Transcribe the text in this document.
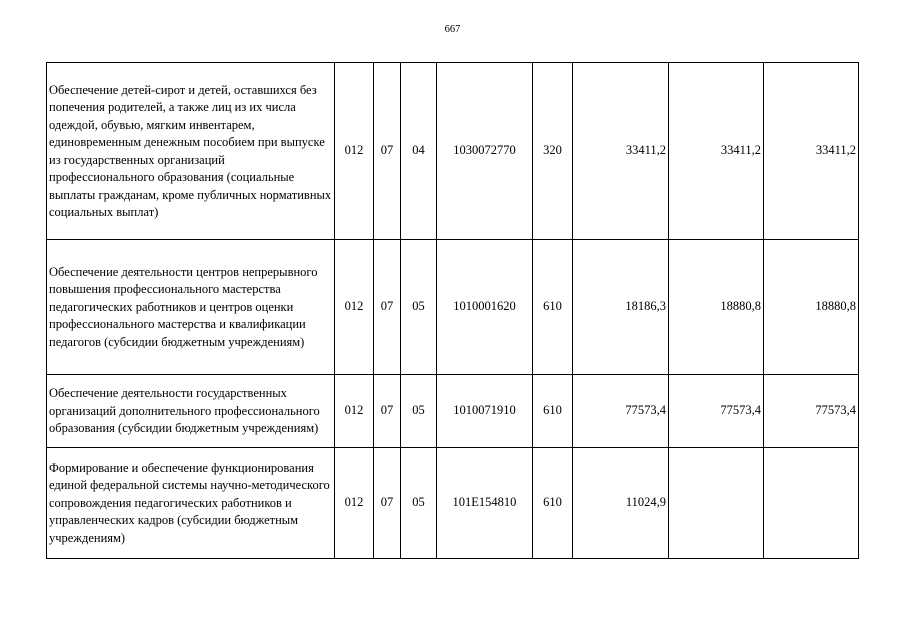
667
Обеспечение детей-сирот и детей, оставшихся без попечения родителей, а также лиц из их числа одеждой, обувью, мягким инвентарем, единовременным денежным пособием при выпуске из государственных организаций профессионального образования (социальные выплаты гражданам, кроме публичных нормативных социальных выплат)	012	07	04	1030072770	320	33411,2	33411,2	33411,2

Обеспечение деятельности центров непрерывного повышения профессионального мастерства педагогических работников и центров оценки профессионального мастерства и квалификации педагогов (субсидии бюджетным учреждениям)	012	07	05	1010001620	610	18186,3	18880,8	18880,8

Обеспечение деятельности государственных организаций дополнительного профессионального образования (субсидии бюджетным учреждениям)	012	07	05	1010071910	610	77573,4	77573,4	77573,4

Формирование и обеспечение функционирования единой федеральной системы научно-методического сопровождения педагогических работников и управленческих кадров (субсидии бюджетным учреждениям)	012	07	05	101E154810	610	11024,9		
